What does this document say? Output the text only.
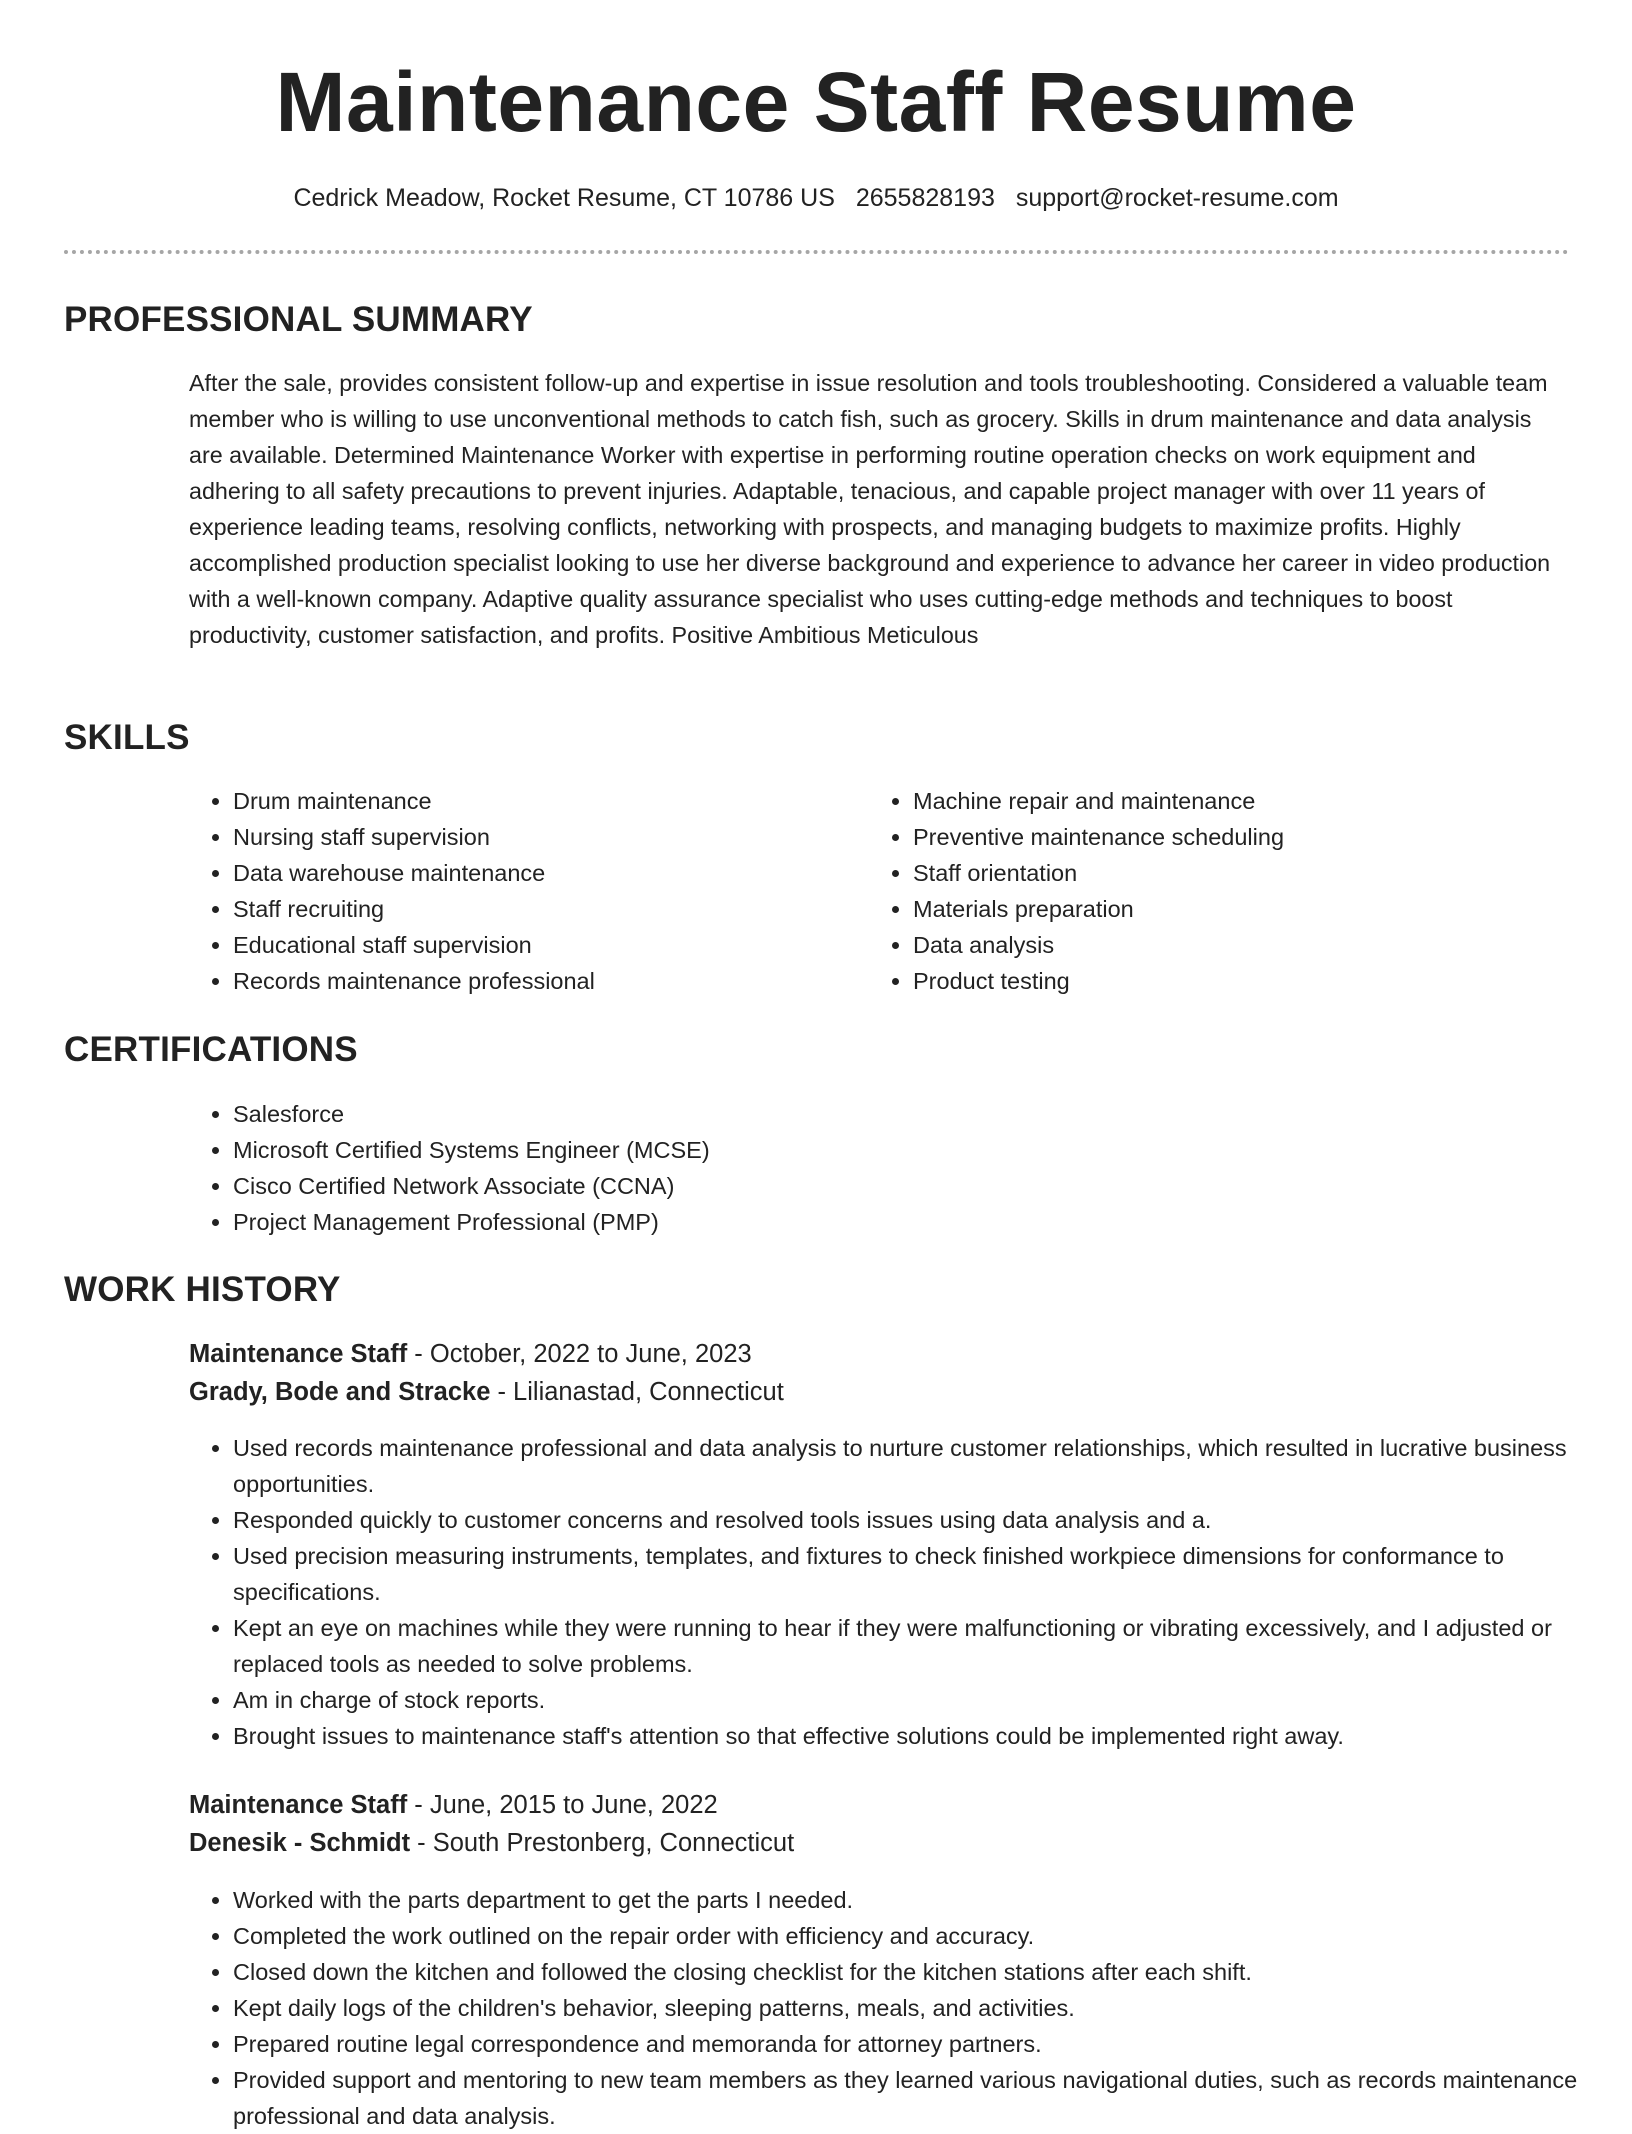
Maintenance Staff Resume
Cedrick Meadow, Rocket Resume, CT 10786 US 2655828193 support@rocket-resume.com
PROFESSIONAL SUMMARY

After the sale, provides consistent follow-up and expertise in issue resolution and tools troubleshooting. Considered a valuable team member who is willing to use unconventional methods to catch fish, such as grocery. Skills in drum maintenance and data analysis are available. Determined Maintenance Worker with expertise in performing routine operation checks on work equipment and adhering to all safety precautions to prevent injuries. Adaptable, tenacious, and capable project manager with over 11 years of experience leading teams, resolving conflicts, networking with prospects, and managing budgets to maximize profits. Highly accomplished production specialist looking to use her diverse background and experience to advance her career in video production with a well-known company. Adaptive quality assurance specialist who uses cutting-edge methods and techniques to boost productivity, customer satisfaction, and profits. Positive Ambitious Meticulous

SKILLS
• Drum maintenance
• Nursing staff supervision
• Data warehouse maintenance
• Staff recruiting
• Educational staff supervision
• Records maintenance professional
• Machine repair and maintenance
• Preventive maintenance scheduling
• Staff orientation
• Materials preparation
• Data analysis
• Product testing
CERTIFICATIONS
• Salesforce
• Microsoft Certified Systems Engineer (MCSE)
• Cisco Certified Network Associate (CCNA)
• Project Management Professional (PMP)
WORK HISTORY
Maintenance Staff - October, 2022 to June, 2023
Grady, Bode and Stracke - Lilianastad, Connecticut
• Used records maintenance professional and data analysis to nurture customer relationships, which resulted in lucrative business opportunities.
• Responded quickly to customer concerns and resolved tools issues using data analysis and a.
• Used precision measuring instruments, templates, and fixtures to check finished workpiece dimensions for conformance to specifications.
• Kept an eye on machines while they were running to hear if they were malfunctioning or vibrating excessively, and I adjusted or replaced tools as needed to solve problems.
• Am in charge of stock reports.
• Brought issues to maintenance staff's attention so that effective solutions could be implemented right away.
Maintenance Staff - June, 2015 to June, 2022
Denesik - Schmidt - South Prestonberg, Connecticut
• Worked with the parts department to get the parts I needed.
• Completed the work outlined on the repair order with efficiency and accuracy.
• Closed down the kitchen and followed the closing checklist for the kitchen stations after each shift.
• Kept daily logs of the children's behavior, sleeping patterns, meals, and activities.
• Prepared routine legal correspondence and memoranda for attorney partners.
• Provided support and mentoring to new team members as they learned various navigational duties, such as records maintenance professional and data analysis.
